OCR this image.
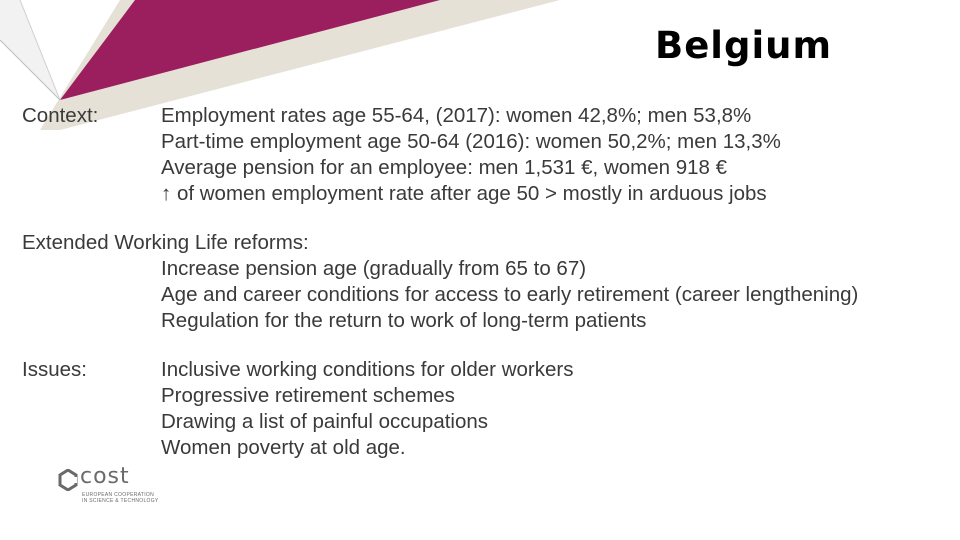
Belgium
Context:	Employment rates age 55-64, (2017): women 42,8%; men 53,8%
Part-time employment age 50-64 (2016): women 50,2%; men 13,3%
Average pension for an employee: men 1,531 €, women 918 €
↑ of women employment rate after age 50 > mostly in arduous jobs
Extended Working Life reforms:
Increase pension age (gradually from 65 to 67)
Age and career conditions for access to early retirement (career lengthening)
Regulation for the return to work of long-term patients
Issues:	Inclusive working conditions for older workers
Progressive retirement schemes
Drawing a list of painful occupations
Women poverty at old age.
cost
EUROPEAN COOPERATION
IN SCIENCE & TECHNOLOGY
